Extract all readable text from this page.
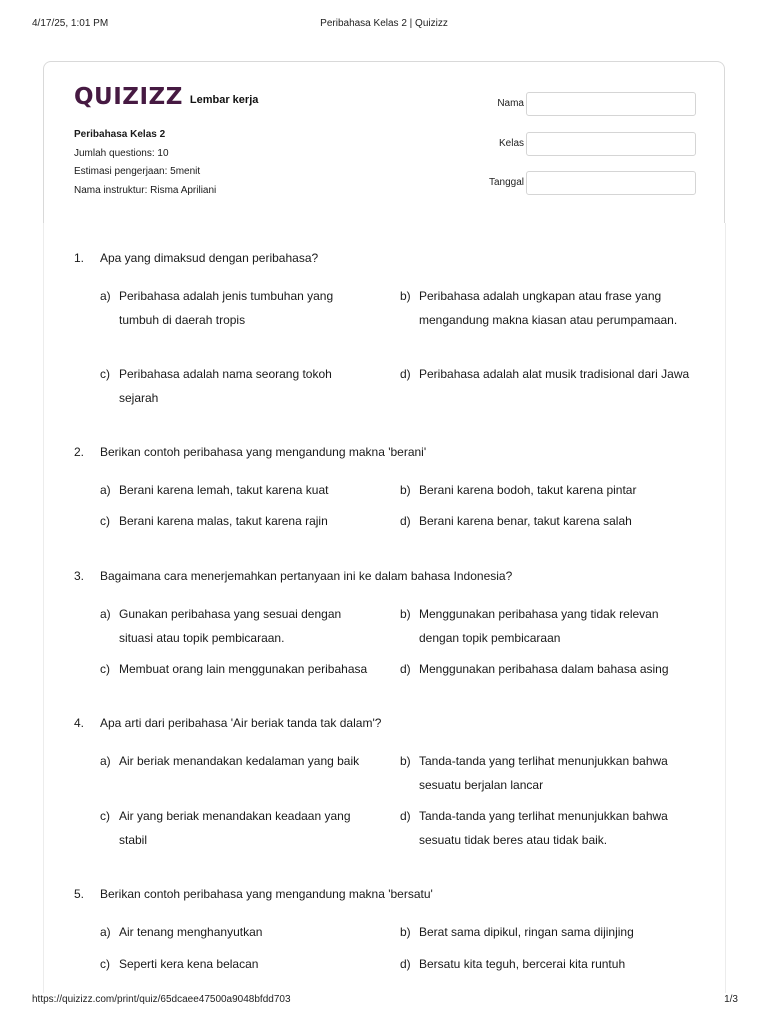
4/17/25, 1:01 PM	Peribahasa Kelas 2 | Quizizz
QUIZIZZ Lembar kerja
Peribahasa Kelas 2
Jumlah questions: 10
Estimasi pengerjaan: 5menit
Nama instruktur: Risma Apriliani
Nama
Kelas
Tanggal
1. Apa yang dimaksud dengan peribahasa?
a) Peribahasa adalah jenis tumbuhan yang tumbuh di daerah tropis
b) Peribahasa adalah ungkapan atau frase yang mengandung makna kiasan atau perumpamaan.
c) Peribahasa adalah nama seorang tokoh sejarah
d) Peribahasa adalah alat musik tradisional dari Jawa
2. Berikan contoh peribahasa yang mengandung makna 'berani'
a) Berani karena lemah, takut karena kuat	b) Berani karena bodoh, takut karena pintar
c) Berani karena malas, takut karena rajin	d) Berani karena benar, takut karena salah
3. Bagaimana cara menerjemahkan pertanyaan ini ke dalam bahasa Indonesia?
a) Gunakan peribahasa yang sesuai dengan situasi atau topik pembicaraan.
b) Menggunakan peribahasa yang tidak relevan dengan topik pembicaraan
c) Membuat orang lain menggunakan peribahasa	d) Menggunakan peribahasa dalam bahasa asing
4. Apa arti dari peribahasa 'Air beriak tanda tak dalam'?
a) Air beriak menandakan kedalaman yang baik	b) Tanda-tanda yang terlihat menunjukkan bahwa sesuatu berjalan lancar
c) Air yang beriak menandakan keadaan yang stabil
d) Tanda-tanda yang terlihat menunjukkan bahwa sesuatu tidak beres atau tidak baik.
5. Berikan contoh peribahasa yang mengandung makna 'bersatu'
a) Air tenang menghanyutkan	b) Berat sama dipikul, ringan sama dijinjing
c) Seperti kera kena belacan	d) Bersatu kita teguh, bercerai kita runtuh
https://quizizz.com/print/quiz/65dcaee47500a9048bfdd703	1/3
